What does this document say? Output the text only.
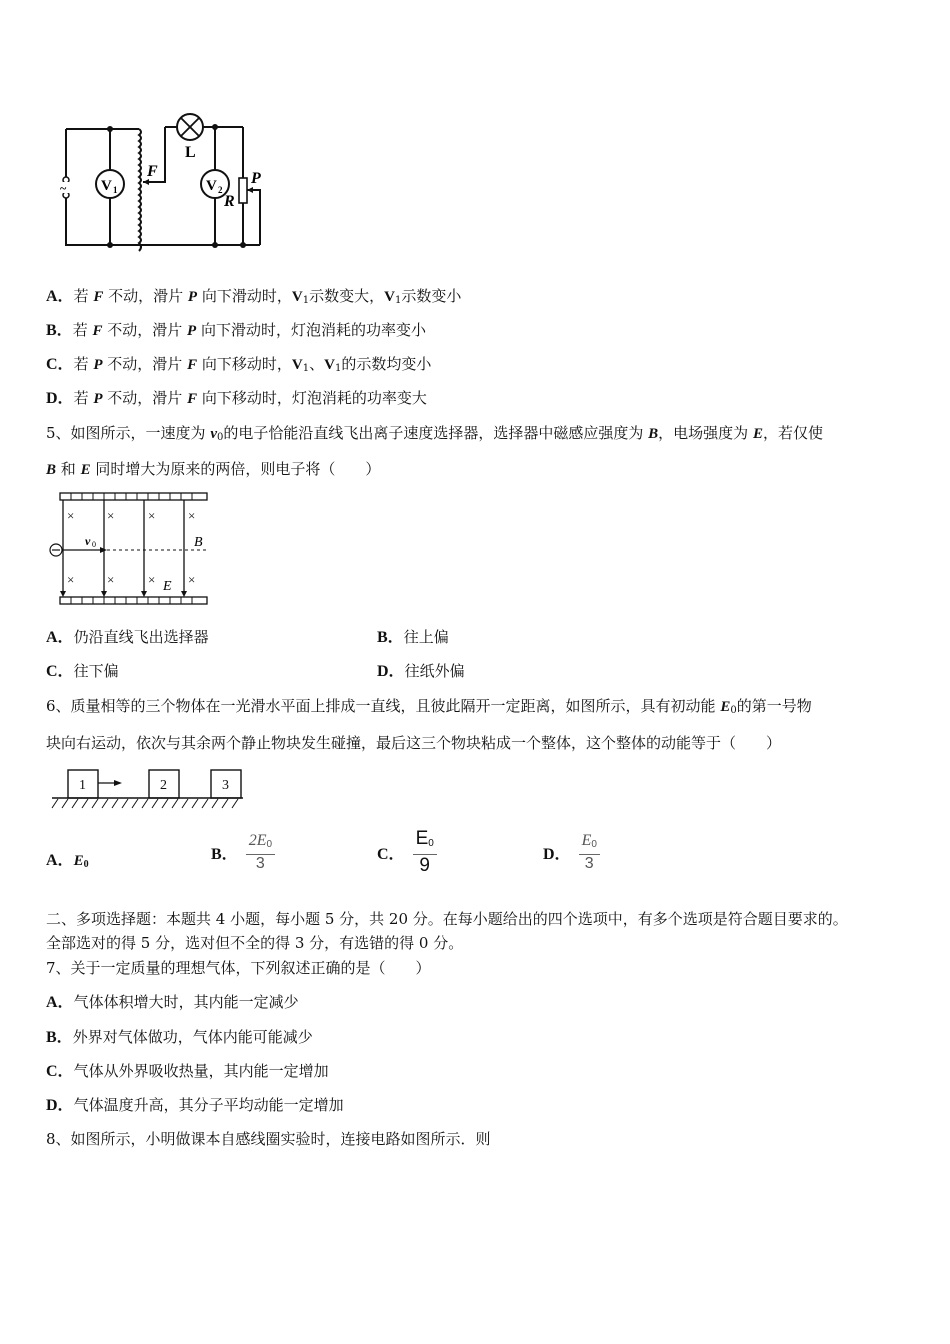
~ V 1
F
L
V 2
P
R
A．若 F 不动，滑片 P 向下滑动时，$V_1$示数变大，$V_1$示数变小
B．若 F 不动，滑片 P 向下滑动时，灯泡消耗的功率变小
C．若 P 不动，滑片 F 向下移动时，$V_1$、$V_1$的示数均变小
D．若 P 不动，滑片 F 向下移动时，灯泡消耗的功率变大
5、如图所示，一速度为 $v_0$的电子恰能沿直线飞出离子速度选择器，选择器中磁感应强度为 B，电场强度为 E，若仅使
B 和 E 同时增大为原来的两倍，则电子将（　　）
×	×	×	×
×	×	×	×
v 0	B
E
A．仍沿直线飞出选择器	B．往上偏
C．往下偏	D．往纸外偏
6、质量相等的三个物体在一光滑水平面上排成一直线，且彼此隔开一定距离，如图所示，具有初动能 $E_0$的第一号物
块向右运动，依次与其余两个静止物块发生碰撞，最后这三个物块粘成一个整体，这个整体的动能等于（　　）
1	2	3
A．$E_0$
B． $\frac{2E_0}{3}$	C． $\frac{E_0}{9}$	D． $\frac{E_0}{3}$
二、多项选择题：本题共 4 小题，每小题 5 分，共 20 分。在每小题给出的四个选项中，有多个选项是符合题目要求的。
全部选对的得 5 分，选对但不全的得 3 分，有选错的得 0 分。
7、关于一定质量的理想气体，下列叙述正确的是（　　）
A．气体体积增大时，其内能一定减少
B．外界对气体做功，气体内能可能减少
C．气体从外界吸收热量，其内能一定增加
D．气体温度升高，其分子平均动能一定增加
8、如图所示，小明做课本自感线圈实验时，连接电路如图所示．则
